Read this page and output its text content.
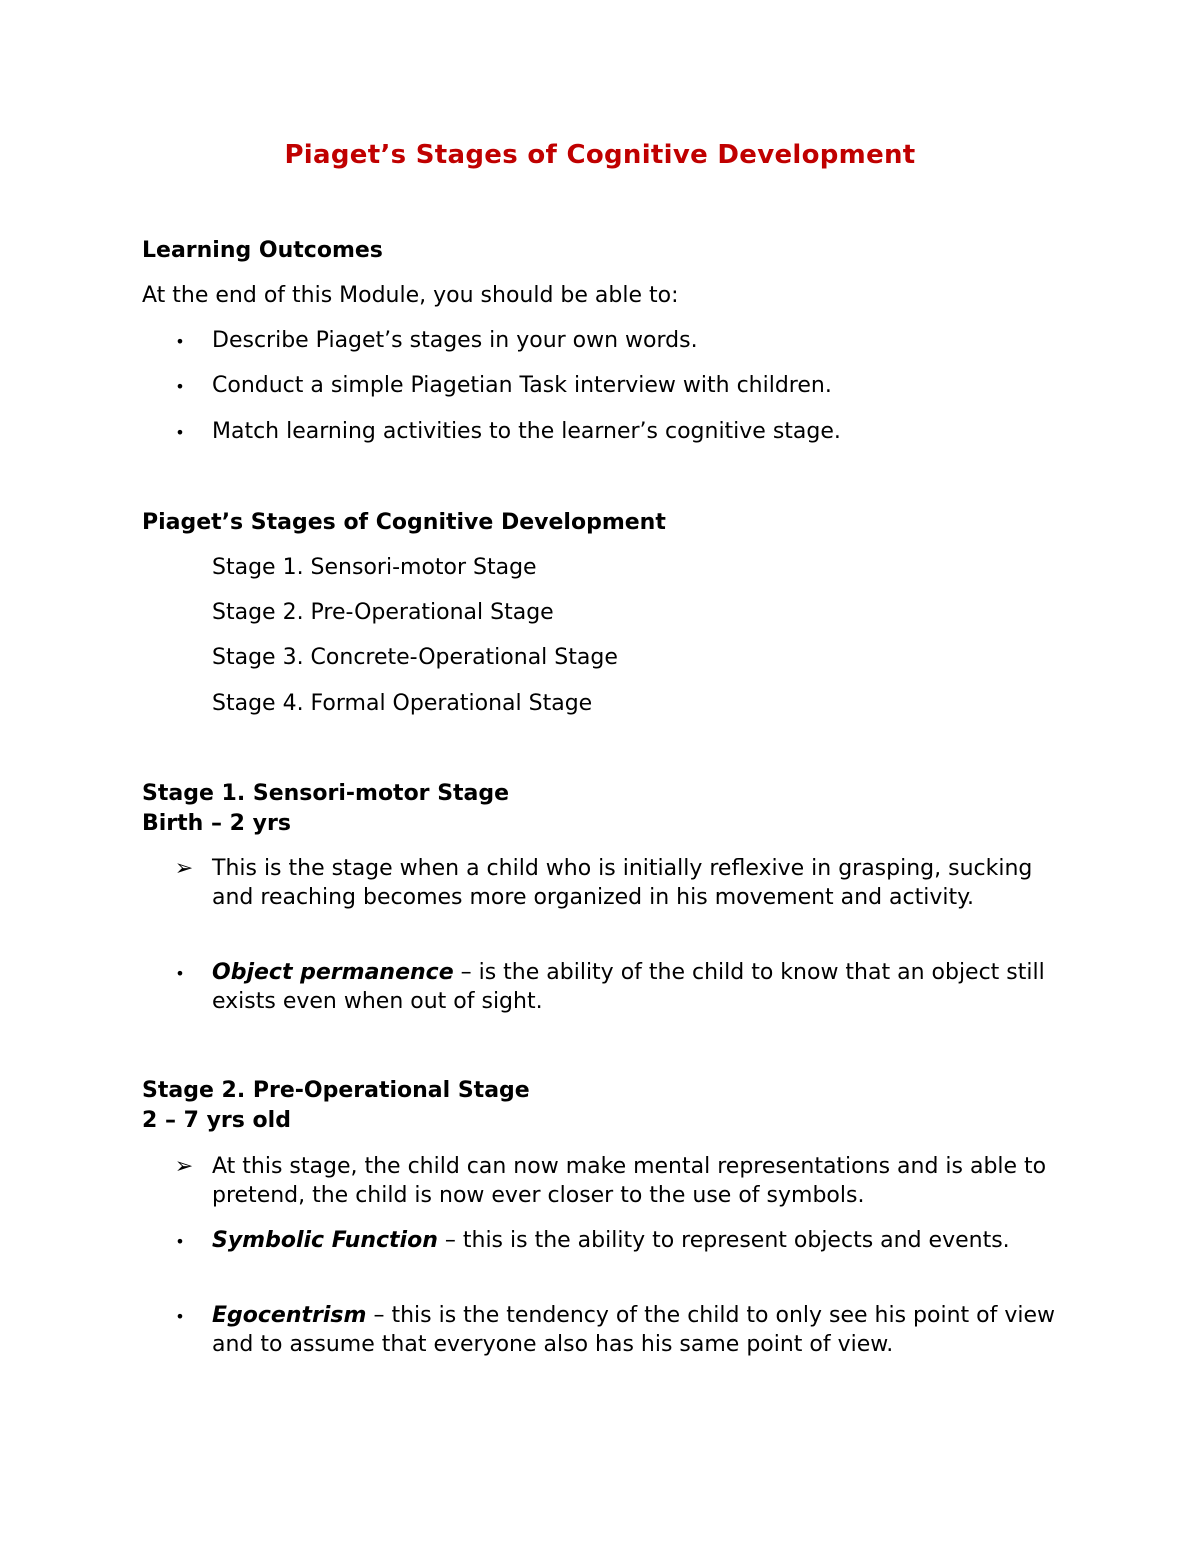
Piaget’s Stages of Cognitive Development
Learning Outcomes
At the end of this Module, you should be able to:
• Describe Piaget’s stages in your own words.
• Conduct a simple Piagetian Task interview with children.
• Match learning activities to the learner’s cognitive stage.
Piaget’s Stages of Cognitive Development
Stage 1. Sensori-motor Stage
Stage 2. Pre-Operational Stage
Stage 3. Concrete-Operational Stage
Stage 4. Formal Operational Stage
Stage 1. Sensori-motor Stage
Birth – 2 yrs
➢ This is the stage when a child who is initially reflexive in grasping, sucking and reaching becomes more organized in his movement and activity.
• Object permanence – is the ability of the child to know that an object still exists even when out of sight.
Stage 2. Pre-Operational Stage
2 – 7 yrs old
➢ At this stage, the child can now make mental representations and is able to pretend, the child is now ever closer to the use of symbols.
• Symbolic Function – this is the ability to represent objects and events.
• Egocentrism – this is the tendency of the child to only see his point of view and to assume that everyone also has his same point of view.
